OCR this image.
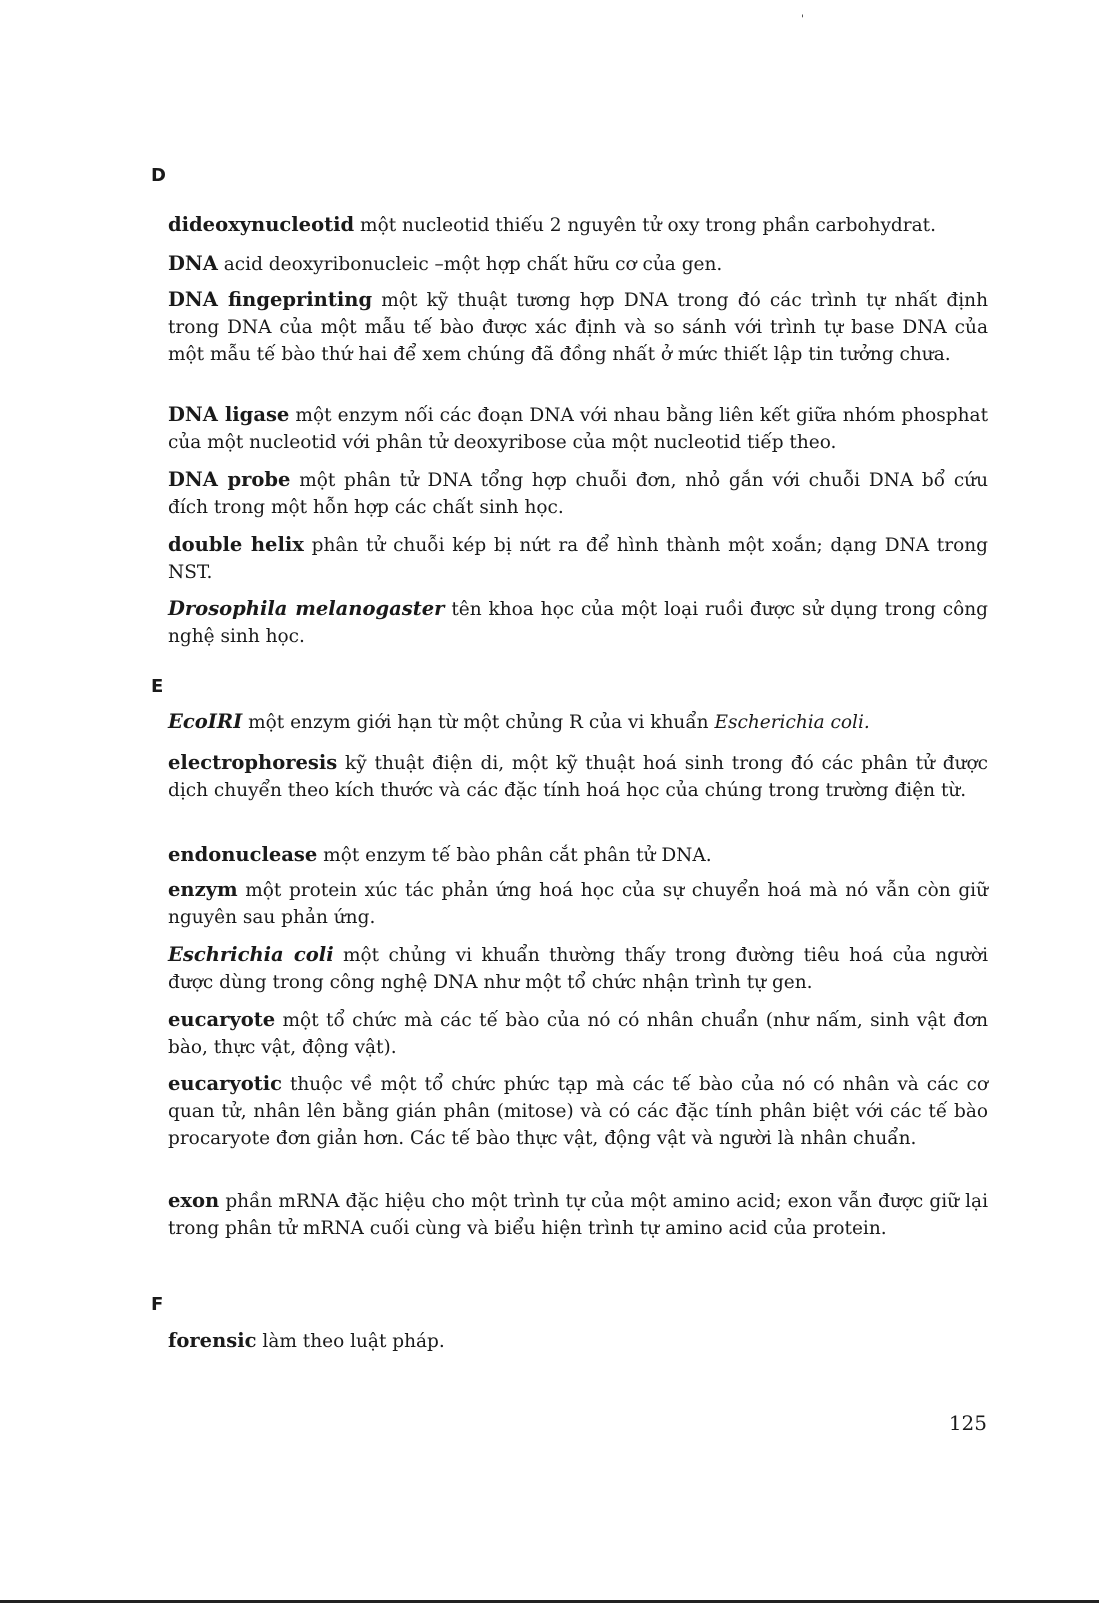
'
D
dideoxynucleotid một nucleotid thiếu 2 nguyên tử oxy trong phần carbohydrat.
DNA acid deoxyribonucleic –một hợp chất hữu cơ của gen.
DNA fingeprinting một kỹ thuật tương hợp DNA trong đó các trình tự nhất định trong DNA của một mẫu tế bào được xác định và so sánh với trình tự base DNA của một mẫu tế bào thứ hai để xem chúng đã đồng nhất ở mức thiết lập tin tưởng chưa.
DNA ligase một enzym nối các đoạn DNA với nhau bằng liên kết giữa nhóm phosphat của một nucleotid với phân tử deoxyribose của một nucleotid tiếp theo.
DNA probe một phân tử DNA tổng hợp chuỗi đơn, nhỏ gắn với chuỗi DNA bổ cứu đích trong một hỗn hợp các chất sinh học.
double helix phân tử chuỗi kép bị nứt ra để hình thành một xoắn; dạng DNA trong NST.
Drosophila melanogaster tên khoa học của một loại ruồi được sử dụng trong công nghệ sinh học.
E
EcoIRI một enzym giới hạn từ một chủng R của vi khuẩn Escherichia coli.
electrophoresis kỹ thuật điện di, một kỹ thuật hoá sinh trong đó các phân tử được dịch chuyển theo kích thước và các đặc tính hoá học của chúng trong trường điện từ.
endonuclease một enzym tế bào phân cắt phân tử DNA.
enzym một protein xúc tác phản ứng hoá học của sự chuyển hoá mà nó vẫn còn giữ nguyên sau phản ứng.
Eschrichia coli một chủng vi khuẩn thường thấy trong đường tiêu hoá của người được dùng trong công nghệ DNA như một tổ chức nhận trình tự gen.
eucaryote một tổ chức mà các tế bào của nó có nhân chuẩn (như nấm, sinh vật đơn bào, thực vật, động vật).
eucaryotic thuộc về một tổ chức phức tạp mà các tế bào của nó có nhân và các cơ quan tử, nhân lên bằng gián phân (mitose) và có các đặc tính phân biệt với các tế bào procaryote đơn giản hơn. Các tế bào thực vật, động vật và người là nhân chuẩn.
exon phần mRNA đặc hiệu cho một trình tự của một amino acid; exon vẫn được giữ lại trong phân tử mRNA cuối cùng và biểu hiện trình tự amino acid của protein.
F
forensic làm theo luật pháp.
125
